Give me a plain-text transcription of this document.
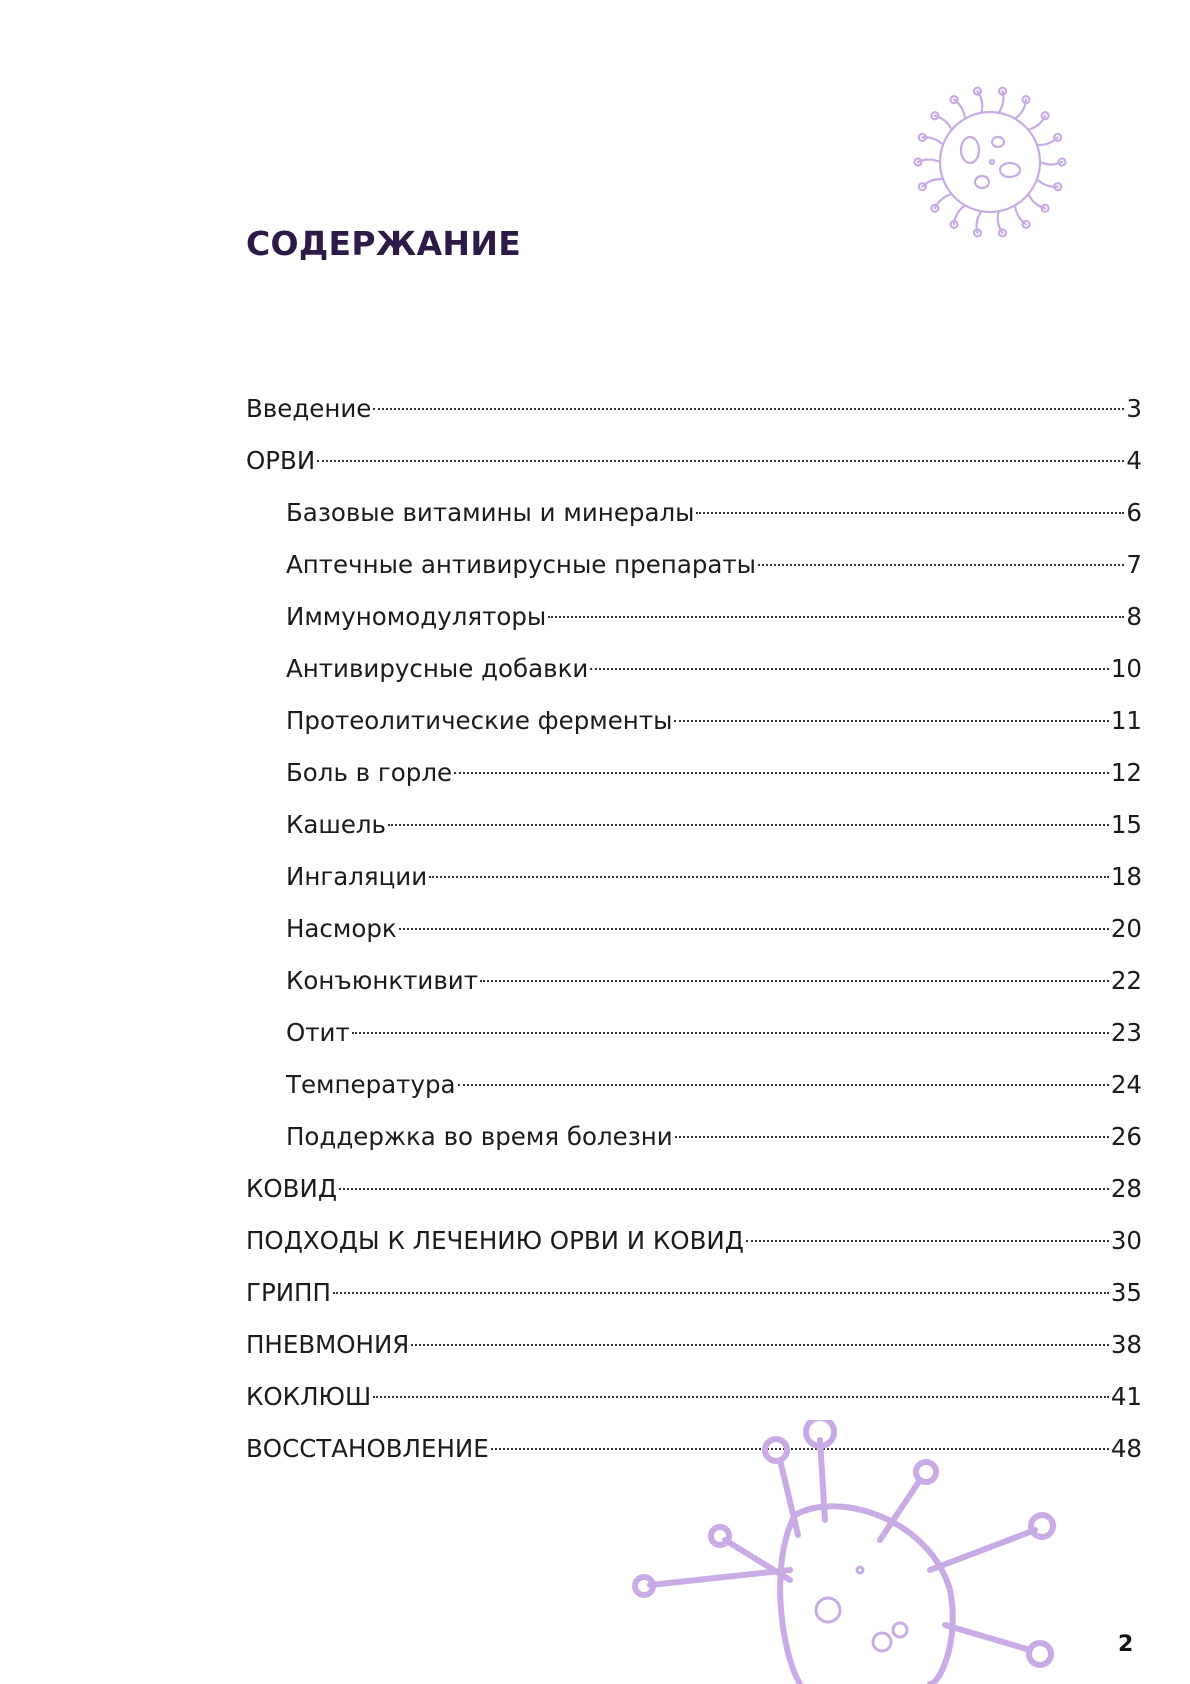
СОДЕРЖАНИЕ
Введение	3
ОРВИ	4
Базовые витамины и минералы	6
Аптечные антивирусные препараты	7
Иммуномодуляторы	8
Антивирусные добавки	10
Протеолитические ферменты	11
Боль в горле	12
Кашель	15
Ингаляции	18
Насморк	20
Конъюнктивит	22
Отит	23
Температура	24
Поддержка во время болезни	26
КОВИД	28
ПОДХОДЫ К ЛЕЧЕНИЮ ОРВИ И КОВИД	30
ГРИПП	35
ПНЕВМОНИЯ	38
КОКЛЮШ	41
ВОССТАНОВЛЕНИЕ	48
2
